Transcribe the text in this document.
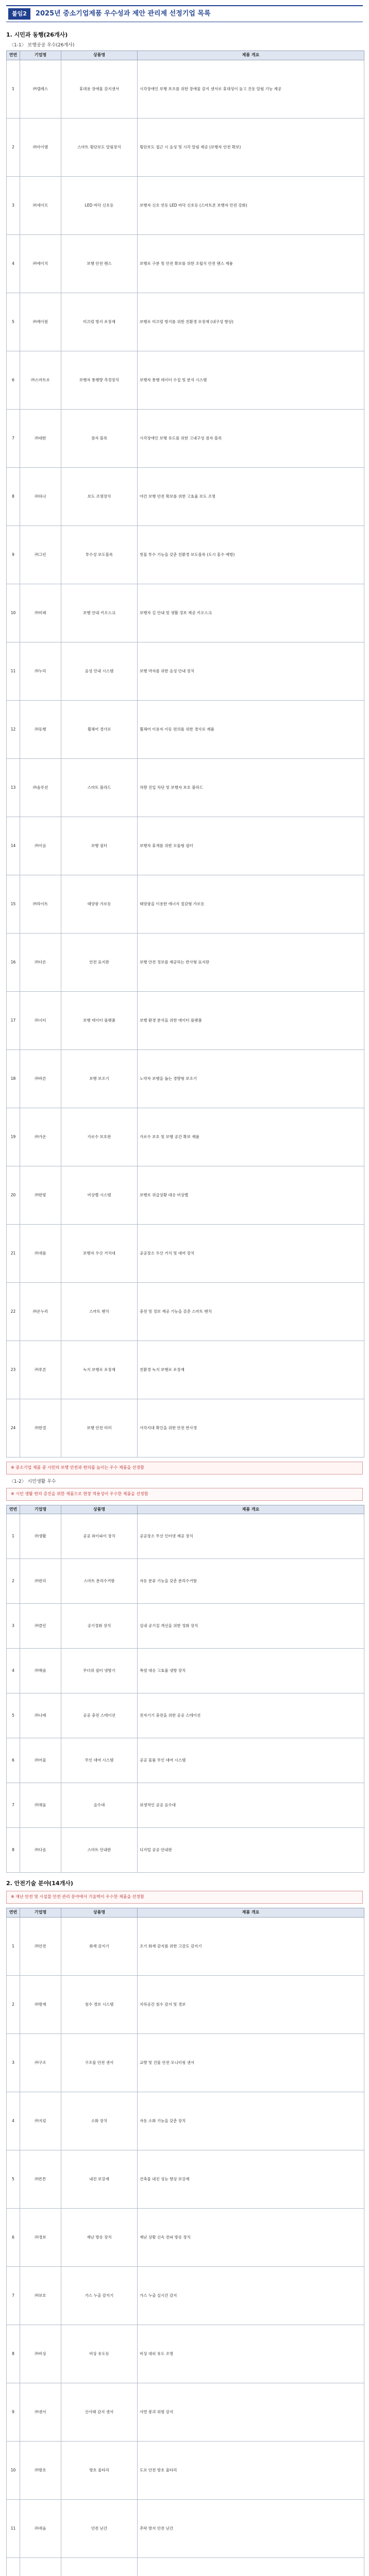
붙임2	2025년 중소기업제품 우수성과 제안 관리제 선정기업 목록
1. 시민과 동행(26개사)
〈1-1〉 보행공공 우수(26개사)
연번	기업명	상품명	제품 개요
1	㈜텔레스	휴대용 장애물 감지센서	시각장애인 보행 보조를 위한 장애물 감지 센서로 휴대성이 높고 진동 알림 기능 제공
2	㈜아이엠	스마트 횡단보도 알림장치	횡단보도 접근 시 음성 및 시각 알림 제공 (보행자 안전 확보)
3	㈜세이프	LED 바닥 신호등	보행자 신호 연동 LED 바닥 신호등 (스마트폰 보행자 안전 강화)
4	㈜에이치	보행 안전 펜스	보행로 구분 및 안전 확보를 위한 조립식 안전 펜스 제품
5	㈜케이원	미끄럼 방지 포장재	보행로 미끄럼 방지를 위한 친환경 포장재 (내구성 향상)
6	㈜스마트로	보행자 통행량 측정장치	보행자 통행 데이터 수집 및 분석 시스템
7	㈜대한	점자 블록	시각장애인 보행 유도를 위한 고내구성 점자 블록
8	㈜하나	보도 조명장치	야간 보행 안전 확보를 위한 고효율 보도 조명
9	㈜그린	투수성 보도블록	빗물 투수 기능을 갖춘 친환경 보도블록 (도시 홍수 예방)
10	㈜미래	보행 안내 키오스크	보행자 길 안내 및 생활 정보 제공 키오스크
11	㈜누리	음성 안내 시스템	보행 약자를 위한 음성 안내 장치
12	㈜동행	휠체어 경사로	휠체어 이용자 이동 편의를 위한 경사로 제품
13	㈜솔루션	스마트 볼라드	차량 진입 차단 및 보행자 보호 볼라드
14	㈜이음	보행 쉼터	보행자 휴게를 위한 모듈형 쉼터
15	㈜라이트	태양광 가로등	태양광을 이용한 에너지 절감형 가로등
16	㈜다온	안전 표지판	보행 안전 정보를 제공하는 반사형 표지판
17	㈜시티	보행 데이터 플랫폼	보행 환경 분석을 위한 데이터 플랫폼
18	㈜바른	보행 보조기	노약자 보행을 돕는 경량형 보조기
19	㈜가온	가로수 보호판	가로수 보호 및 보행 공간 확보 제품
20	㈜한빛	비상벨 시스템	보행로 위급상황 대응 비상벨
21	㈜새롬	보행자 우산 거치대	공공장소 우산 거치 및 대여 장치
22	㈜온누리	스마트 벤치	충전 및 정보 제공 기능을 갖춘 스마트 벤치
23	㈜푸른	녹지 보행로 포장재	친환경 녹지 보행로 포장재
24	㈜한결	보행 안전 미러	사각지대 확인을 위한 안전 반사경
※ 중소기업 제품 중 시민의 보행 안전과 편의를 높이는 우수 제품을 선정함
〈1-2〉 시민생활 우수
※ 시민 생활 편의 증진을 위한 제품으로 현장 적용성이 우수한 제품을 선정함
연번	기업명	상품명	제품 개요
1	㈜생활	공공 와이파이 장치	공공장소 무선 인터넷 제공 장치
2	㈜편리	스마트 분리수거함	자동 분류 기능을 갖춘 분리수거함
3	㈜클린	공기정화 장치	실내 공기질 개선을 위한 정화 장치
4	㈜해솔	무더위 쉼터 냉방기	폭염 대응 고효율 냉방 장치
5	㈜나래	공공 충전 스테이션	전자기기 충전을 위한 공공 스테이션
6	㈜어울	무인 대여 시스템	공공 물품 무인 대여 시스템
7	㈜채움	음수대	위생적인 공공 음수대
8	㈜다솜	스마트 안내판	디지털 공공 안내판
2. 안전기술 분야(14개사)
※ 재난 안전 및 시설물 안전 관리 분야에서 기술력이 우수한 제품을 선정함
연번	기업명	상품명	제품 개요
1	㈜안전	화재 감지기	조기 화재 감지를 위한 고감도 감지기
2	㈜방재	침수 경보 시스템	지하공간 침수 감지 및 경보
3	㈜구조	구조물 안전 센서	교량 및 건물 안전 모니터링 센서
4	㈜지킴	소화 장치	자동 소화 기능을 갖춘 장치
5	㈜튼튼	내진 보강재	건축물 내진 성능 향상 보강재
6	㈜경보	재난 방송 장치	재난 상황 신속 전파 방송 장치
7	㈜보호	가스 누출 감지기	가스 누출 실시간 감지
8	㈜비상	비상 유도등	비상 대피 유도 조명
9	㈜센서	산사태 감지 센서	사면 붕괴 위험 감지
10	㈜방호	방호 울타리	도로 안전 방호 울타리
11	㈜세움	안전 난간	추락 방지 안전 난간
